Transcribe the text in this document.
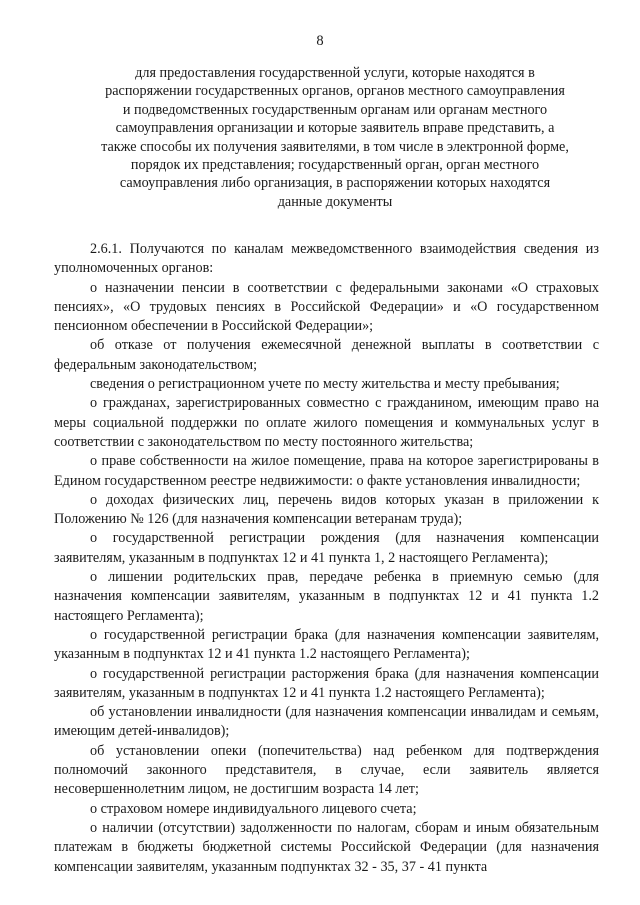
8
для предоставления государственной услуги, которые находятся в распоряжении государственных органов, органов местного самоуправления и подведомственных государственным органам или органам местного самоуправления организации и которые заявитель вправе представить, а также способы их получения заявителями, в том числе в электронной форме, порядок их представления; государственный орган, орган местного самоуправления либо организация, в распоряжении которых находятся данные документы

2.6.1. Получаются по каналам межведомственного взаимодействия сведения из уполномоченных органов:

о назначении пенсии в соответствии с федеральными законами «О страховых пенсиях», «О трудовых пенсиях в Российской Федерации» и «О государственном пенсионном обеспечении в Российской Федерации»;

об отказе от получения ежемесячной денежной выплаты в соответствии с федеральным законодательством;

сведения о регистрационном учете по месту жительства и месту пребывания;

о гражданах, зарегистрированных совместно с гражданином, имеющим право на меры социальной поддержки по оплате жилого помещения и коммунальных услуг в соответствии с законодательством по месту постоянного жительства;

о праве собственности на жилое помещение, права на которое зарегистрированы в Едином государственном реестре недвижимости: о факте установления инвалидности;

о доходах физических лиц, перечень видов которых указан в приложении к Положению № 126 (для назначения компенсации ветеранам труда);

о государственной регистрации рождения (для назначения компенсации заявителям, указанным в подпунктах 12 и 41 пункта 1, 2 настоящего Регламента);

о лишении родительских прав, передаче ребенка в приемную семью (для назначения компенсации заявителям, указанным в подпунктах 12 и 41 пункта 1.2 настоящего Регламента);

о государственной регистрации брака (для назначения компенсации заявителям, указанным в подпунктах 12 и 41 пункта 1.2 настоящего Регламента);

о государственной регистрации расторжения брака (для назначения компенсации заявителям, указанным в подпунктах 12 и 41 пункта 1.2 настоящего Регламента);

об установлении инвалидности (для назначения компенсации инвалидам и семьям, имеющим детей-инвалидов);

об установлении опеки (попечительства) над ребенком для подтверждения полномочий законного представителя, в случае, если заявитель является несовершеннолетним лицом, не достигшим возраста 14 лет;

о страховом номере индивидуального лицевого счета;

о наличии (отсутствии) задолженности по налогам, сборам и иным обязательным платежам в бюджеты бюджетной системы Российской Федерации (для назначения компенсации заявителям, указанным подпунктах 32 - 35, 37 - 41 пункта
